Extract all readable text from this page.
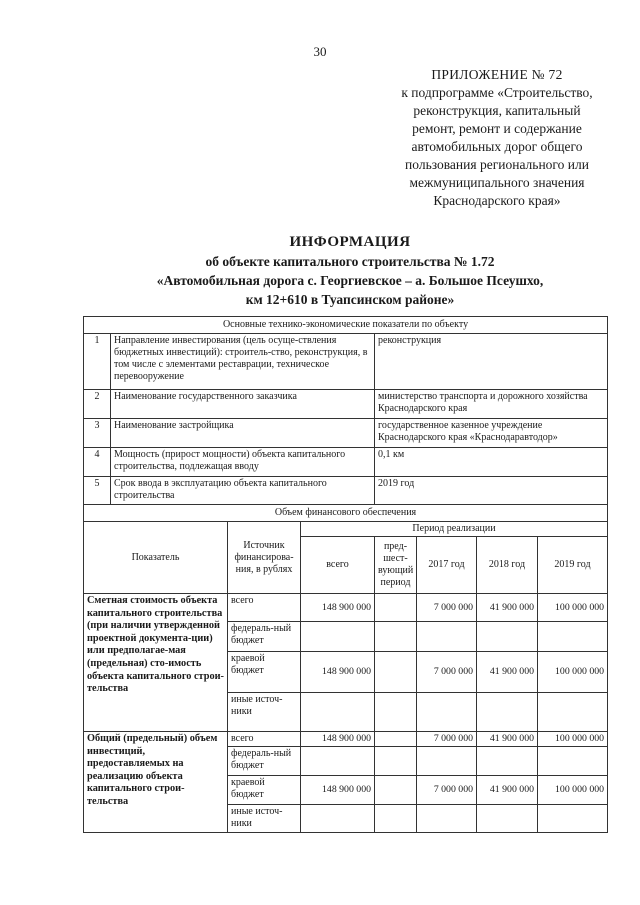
30
ПРИЛОЖЕНИЕ № 72
к подпрограмме «Строительство,
реконструкция, капитальный
ремонт, ремонт и содержание
автомобильных дорог общего
пользования регионального или
межмуниципального значения
Краснодарского края»
ИНФОРМАЦИЯ
об объекте капитального строительства № 1.72
«Автомобильная дорога с. Георгиевское – а. Большое Псеушхо,
км 12+610 в Туапсинском районе»
Основные технико-экономические показатели по объекту							
1	Направление инвестирования (цель осуще-ствления бюджетных инвестиций): строитель-ство, реконструкция, в том числе с элементами реставрации, техническое перевооружение			реконструкция			
2	Наименование государственного заказчика			министерство транспорта и дорожного хозяйства Краснодарского края			
3	Наименование застройщика			государственное казенное учреждение Краснодарского края «Краснодаравтодор»			
4	Мощность (прирост мощности) объекта капитального строительства, подлежащая вводу			0,1 км			
5	Срок ввода в эксплуатацию объекта капитального строительства			2019 год			
Объем финансового обеспечения							
Показатель		Источник финансирова-ния, в рублях	Период реализации				
			всего	пред-шест-вующий период	2017 год	2018 год	2019 год
Сметная стоимость объекта капитального строительства (при наличии утвержденной проектной документа-ции) или предполагае-мая (предельная) сто-имость объекта капитального строи-тельства		всего	148 900 000		7 000 000	41 900 000	100 000 000
		федераль-ный бюджет					
		краевой бюджет	148 900 000		7 000 000	41 900 000	100 000 000
		иные источ-ники					
Общий (предельный) объем инвестиций, предоставляемых на реализацию объекта капитального строи-тельства		всего	148 900 000		7 000 000	41 900 000	100 000 000
		федераль-ный бюджет					
		краевой бюджет	148 900 000		7 000 000	41 900 000	100 000 000
		иные источ-ники					
